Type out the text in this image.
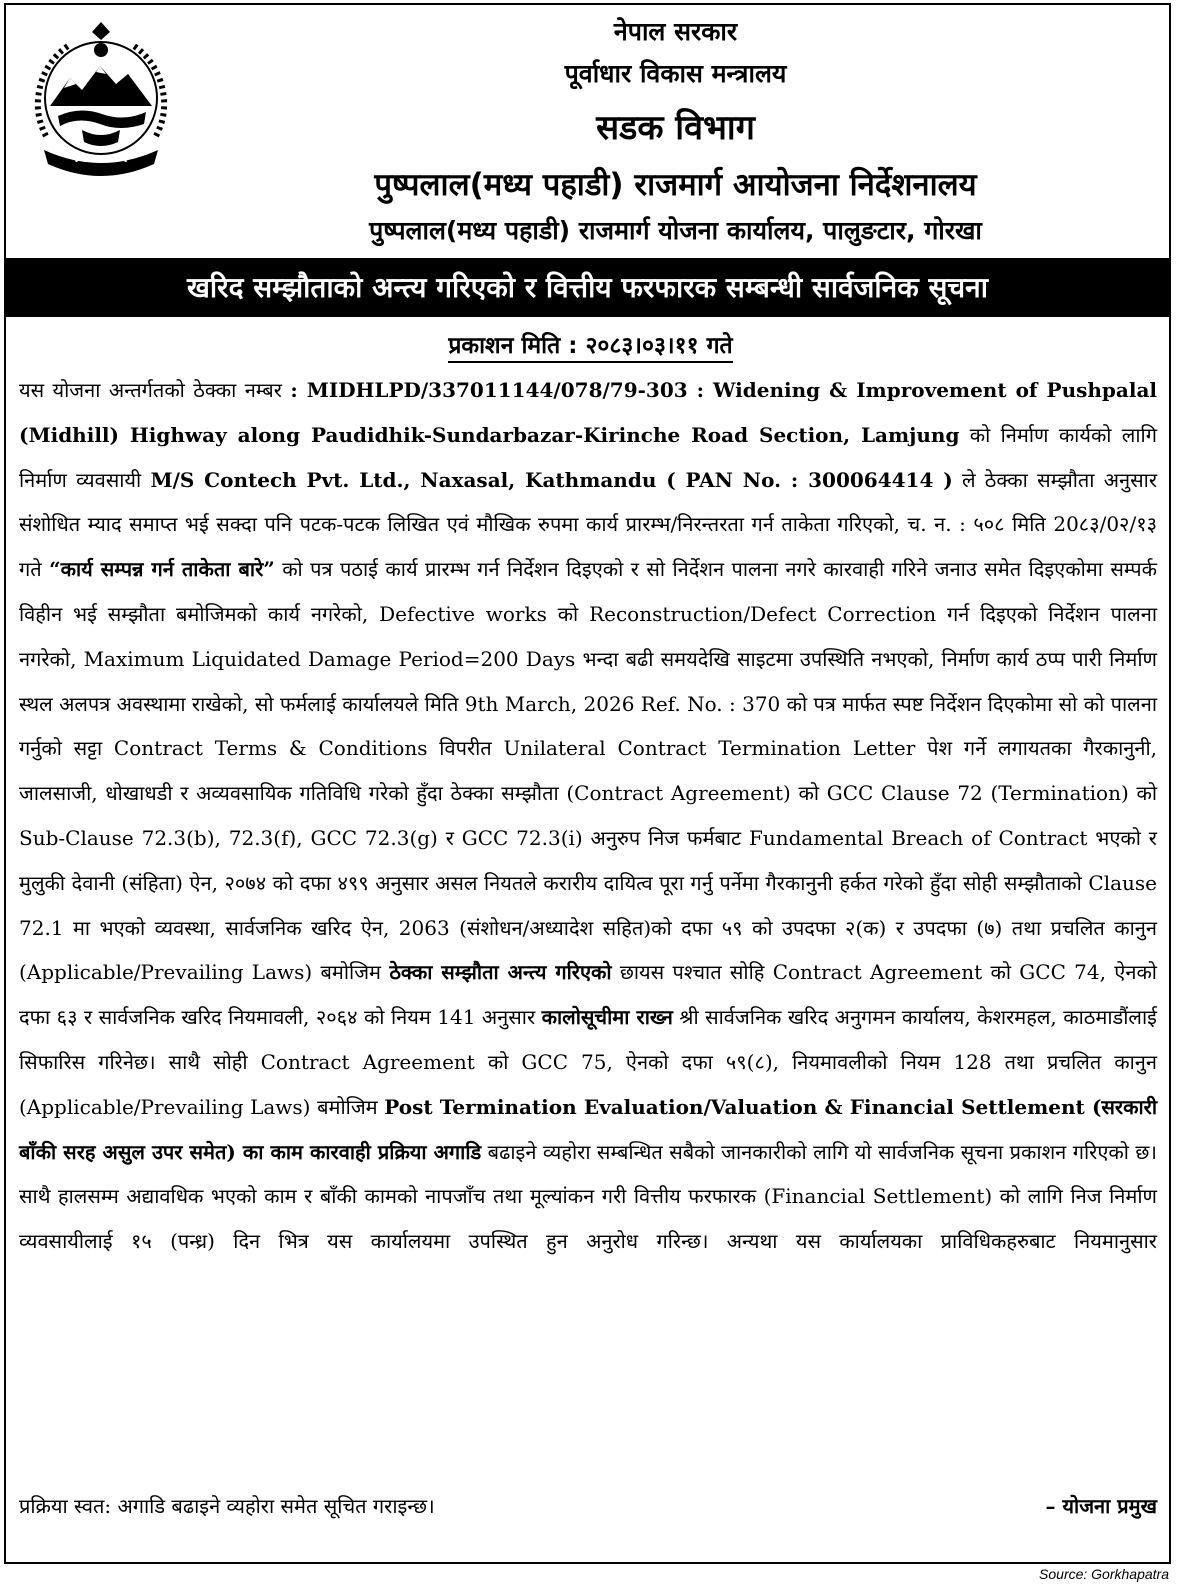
• • • • • • •
नेपाल सरकार
पूर्वाधार विकास मन्त्रालय
सडक विभाग
पुष्पलाल(मध्य पहाडी) राजमार्ग आयोजना निर्देशनालय
पुष्पलाल(मध्य पहाडी) राजमार्ग योजना कार्यालय, पालुङटार, गोरखा
खरिद सम्झौताको अन्त्य गरिएको र वित्तीय फरफारक सम्बन्धी सार्वजनिक सूचना
प्रकाशन मिति : २०८३।०३।११ गते

यस योजना अन्तर्गतको ठेक्का नम्बर : MIDHLPD/337011144/078/79-303 : Widening & Improvement of Pushpalal (Midhill) Highway along Paudidhik-Sundarbazar-Kirinche Road Section, Lamjung को निर्माण कार्यको लागि निर्माण व्यवसायी M/S Contech Pvt. Ltd., Naxasal, Kathmandu ( PAN No. : 300064414 ) ले ठेक्का सम्झौता अनुसार संशोधित म्याद समाप्त भई सक्दा पनि पटक-पटक लिखित एवं मौखिक रुपमा कार्य प्रारम्भ/निरन्तरता गर्न ताकेता गरिएको, च. न. : ५०८ मिति 20८३/0२/१३ गते “कार्य सम्पन्न गर्न ताकेता बारे” को पत्र पठाई कार्य प्रारम्भ गर्न निर्देशन दिइएको र सो निर्देशन पालना नगरे कारवाही गरिने जनाउ समेत दिइएकोमा सम्पर्क विहीन भई सम्झौता बमोजिमको कार्य नगरेको, Defective works को Reconstruction/Defect Correction गर्न दिइएको निर्देशन पालना नगरेको, Maximum Liquidated Damage Period=200 Days भन्दा बढी समयदेखि साइटमा उपस्थिति नभएको, निर्माण कार्य ठप्प पारी निर्माण स्थल अलपत्र अवस्थामा राखेको, सो फर्मलाई कार्यालयले मिति 9th March, 2026 Ref. No. : 370 को पत्र मार्फत स्पष्ट निर्देशन दिएकोमा सो को पालना गर्नुको सट्टा Contract Terms & Conditions विपरीत Unilateral Contract Termination Letter पेश गर्ने लगायतका गैरकानुनी, जालसाजी, धोखाधडी र अव्यवसायिक गतिविधि गरेको हुँदा ठेक्का सम्झौता (Contract Agreement) को GCC Clause 72 (Termination) को Sub-Clause 72.3(b), 72.3(f), GCC 72.3(g) र GCC 72.3(i) अनुरुप निज फर्मबाट Fundamental Breach of Contract भएको र मुलुकी देवानी (संहिता) ऐन, २०७४ को दफा ४९९ अनुसार असल नियतले करारीय दायित्व पूरा गर्नु पर्नेमा गैरकानुनी हर्कत गरेको हुँदा सोही सम्झौताको Clause 72.1 मा भएको व्यवस्था, सार्वजनिक खरिद ऐन, 2063 (संशोधन/अध्यादेश सहित)को दफा ५९ को उपदफा २(क) र उपदफा (७) तथा प्रचलित कानुन (Applicable/Prevailing Laws) बमोजिम ठेक्का सम्झौता अन्त्य गरिएको छायस पश्चात सोहि Contract Agreement को GCC 74, ऐनको दफा ६३ र सार्वजनिक खरिद नियमावली, २०६४ को नियम 141 अनुसार कालोसूचीमा राख्न श्री सार्वजनिक खरिद अनुगमन कार्यालय, केशरमहल, काठमाडौंलाई सिफारिस गरिनेछ। साथै सोही Contract Agreement को GCC 75, ऐनको दफा ५९(८), नियमावलीको नियम 128 तथा प्रचलित कानुन (Applicable/Prevailing Laws) बमोजिम Post Termination Evaluation/Valuation & Financial Settlement (सरकारी बाँकी सरह असुल उपर समेत) का काम कारवाही प्रक्रिया अगाडि बढाइने व्यहोरा सम्बन्धित सबैको जानकारीको लागि यो सार्वजनिक सूचना प्रकाशन गरिएको छ। साथै हालसम्म अद्यावधिक भएको काम र बाँकी कामको नापजाँच तथा मूल्यांकन गरी वित्तीय फरफारक (Financial Settlement) को लागि निज निर्माण व्यवसायीलाई १५ (पन्ध्र) दिन भित्र यस कार्यालयमा उपस्थित हुन अनुरोध गरिन्छ। अन्यथा यस कार्यालयका प्राविधिकहरुबाट नियमानुसार

प्रक्रिया स्वत: अगाडि बढाइने व्यहोरा समेत सूचित गराइन्छ।	– योजना प्रमुख
Source: Gorkhapatra
